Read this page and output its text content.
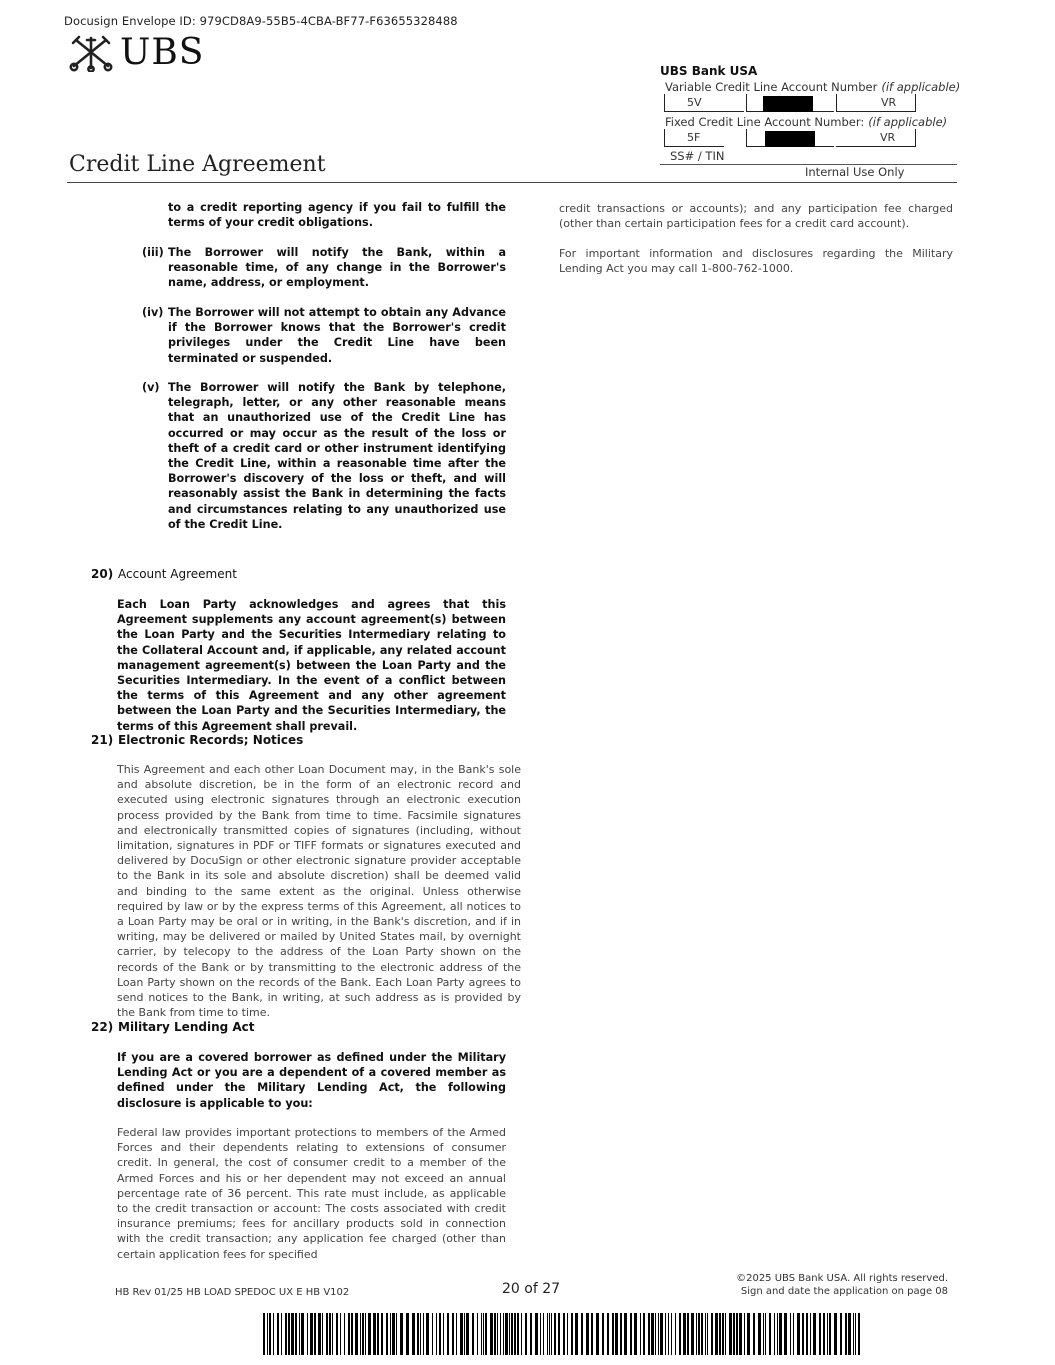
Docusign Envelope ID: 979CD8A9-55B5-4CBA-BF77-F63655328488
UBS
Credit Line Agreement
UBS Bank USA
Variable Credit Line Account Number (if applicable)
5V	VR
Fixed Credit Line Account Number: (if applicable)
5F	VR
SS# / TIN
Internal Use Only
to a credit reporting agency if you fail to fulfill the terms of your credit obligations.
(iii) The Borrower will notify the Bank, within a reasonable time, of any change in the Borrower's name, address, or employment.
(iv) The Borrower will not attempt to obtain any Advance if the Borrower knows that the Borrower's credit privileges under the Credit Line have been terminated or suspended.
(v) The Borrower will notify the Bank by telephone, telegraph, letter, or any other reasonable means that an unauthorized use of the Credit Line has occurred or may occur as the result of the loss or theft of a credit card or other instrument identifying the Credit Line, within a reasonable time after the Borrower's discovery of the loss or theft, and will reasonably assist the Bank in determining the facts and circumstances relating to any unauthorized use of the Credit Line.
20) Account Agreement
Each Loan Party acknowledges and agrees that this Agreement supplements any account agreement(s) between the Loan Party and the Securities Intermediary relating to the Collateral Account and, if applicable, any related account management agreement(s) between the Loan Party and the Securities Intermediary. In the event of a conflict between the terms of this Agreement and any other agreement between the Loan Party and the Securities Intermediary, the terms of this Agreement shall prevail.
21) Electronic Records; Notices
This Agreement and each other Loan Document may, in the Bank's sole and absolute discretion, be in the form of an electronic record and executed using electronic signatures through an electronic execution process provided by the Bank from time to time. Facsimile signatures and electronically transmitted copies of signatures (including, without limitation, signatures in PDF or TIFF formats or signatures executed and delivered by DocuSign or other electronic signature provider acceptable to the Bank in its sole and absolute discretion) shall be deemed valid and binding to the same extent as the original. Unless otherwise required by law or by the express terms of this Agreement, all notices to a Loan Party may be oral or in writing, in the Bank's discretion, and if in writing, may be delivered or mailed by United States mail, by overnight carrier, by telecopy to the address of the Loan Party shown on the records of the Bank or by transmitting to the electronic address of the Loan Party shown on the records of the Bank. Each Loan Party agrees to send notices to the Bank, in writing, at such address as is provided by the Bank from time to time.
22) Military Lending Act
If you are a covered borrower as defined under the Military Lending Act or you are a dependent of a covered member as defined under the Military Lending Act, the following disclosure is applicable to you:
Federal law provides important protections to members of the Armed Forces and their dependents relating to extensions of consumer credit. In general, the cost of consumer credit to a member of the Armed Forces and his or her dependent may not exceed an annual percentage rate of 36 percent. This rate must include, as applicable to the credit transaction or account: The costs associated with credit insurance premiums; fees for ancillary products sold in connection with the credit transaction; any application fee charged (other than certain application fees for specified
credit transactions or accounts); and any participation fee charged (other than certain participation fees for a credit card account).
For important information and disclosures regarding the Military Lending Act you may call 1-800-762-1000.
HB Rev 01/25 HB LOAD SPEDOC UX E HB V102	20 of 27
©2025 UBS Bank USA. All rights reserved.
Sign and date the application on page 08
